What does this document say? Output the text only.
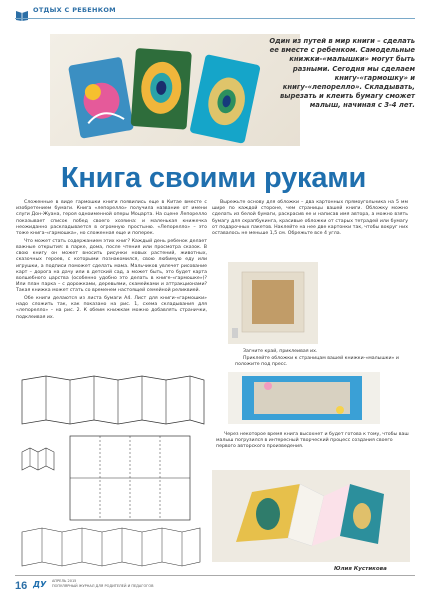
ОТДЫХ С РЕБЕНКОМ
Один из путей в мир книги – сделать ее вместе с ребенком. Самодельные книжки-«малышки» могут быть разными. Сегодня мы сделаем книгу-«гармошку» и книгу-«лепорелло». Складывать, вырезать и клеить бумагу сможет малыш, начиная с 3-4 лет.
Книга своими руками

Сложенные в виде гармошки книги появились еще в Китае вместе с изобретением бумаги. Книга «лепорелло» получила название от имени слуги Дон-Жуана, героя одноименной оперы Моцарта. На сцене Лепорелло показывает список побед своего хозяина: и маленькая книжечка неожиданно раскладывается в огромную простыню. «Лепорелло» – это тоже книга-«гармошка», но сложенная еще и поперек.

Что может стать содержанием этих книг? Каждый день ребенок делает важные открытия: в парке, дома, после чтения или просмотра сказок. В свою книгу он может вносить рисунки новых растений, животных, сказочных героев, с которыми познакомился, свою любимую еду или игрушки, а подписи поможет сделать мама. Мальчиков увлечет рисование карт – дорога на дачу или в детский сад, а может быть, это будет карта волшебного царства (особенно удобно это делать в книге-«гармошке»)? Или план парка – с дорожками, деревьями, скамейками и аттракционами? Такая книжка может стать со временем настоящей семейной реликвией.

Обе книги делаются из листа бумаги А4. Лист для книги-«гармошки» надо сложить так, как показано на рис. 1, схема складывания для «лепорелло» – на рис. 2. К обеим книжкам можно добавлять странички, подклеивая их.

Вырежьте основу для обложки – два картонных прямоугольника на 5 мм шире по каждой стороне, чем страницы вашей книги. Обложку можно сделать из белой бумаги, раскрасив ее и написав имя автора, а можно взять бумагу для скрапбукинга, красивые обложки от старых тетрадей или бумагу от подарочных пакетов. Наклейте на нее две картонки так, чтобы вокруг них оставалось не меньше 1,5 см. Обрежьте все 4 угла.

Загните край, приклеивая их.

Приклейте обложки к страницам вашей книжки-«малышки» и положите под пресс.

Через некоторое время книга высохнет и будет готова к тому, чтобы ваш малыш погрузился в интересный творческий процесс создания своего первого авторского произведения.

Юлия Кустикова
16 ДУ АПРЕЛЬ 2015
ПОПУЛЯРНЫЙ ЖУРНАЛ ДЛЯ РОДИТЕЛЕЙ И ПЕДАГОГОВ
